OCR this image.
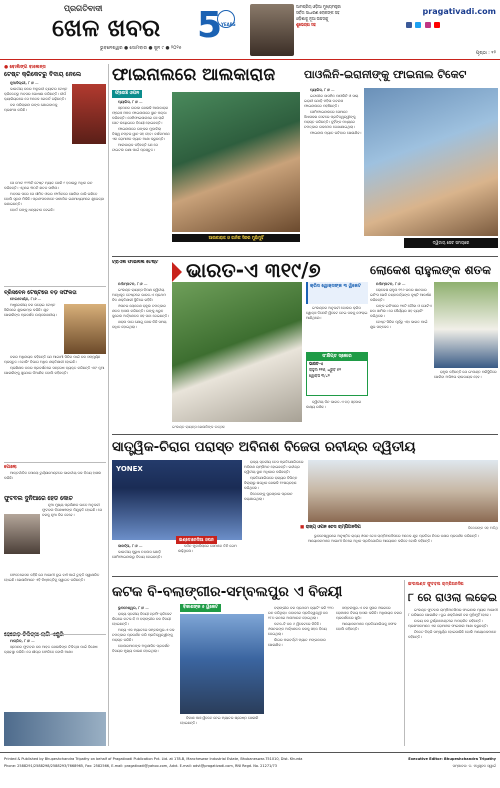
ପ୍ରଗତିବାଦୀ
ଖେଳ ଖବର
ଭୁବନେଶ୍ୱର ● ସୋମବାର ● ଜୁନ ୯ ● ୨୦୨୫
5
YEARS
ଆମପ୍ରିୟ ଓଡ଼ିଆ ମୁଖ୍ୟମନ୍ତ୍ରୀ
ସର୍ବଦା ସାଧାରଣ ଲୋକଙ୍କ ସହ
ଓଡ଼ିଶାକୁ ନୂଆ ଉଚ୍ଚତାକୁ
ଶୁଭେଚ୍ଛା ସହ
pragativadi.com

ପୃଷ୍ଠା : ୧୨
● ବୋଲିଙ୍ଗ ବାଲେନ୍ସ
ଟେଷ୍ଟ କ୍ରିକେଟରୁ ବିଦାୟ ନେଲେ

ନୂଆଦିଲ୍ଲୀ, ୮।୬ —

ଭାରତୀୟ ଦଳର ଅନୁଭବୀ ବ୍ୟାଟର ଟେଷ୍ଟ କ୍ରିକେଟରୁ ଅବସର ଘୋଷଣା କରିଛନ୍ତି। ଦୀର୍ଘ କ୍ୟାରିୟରରେ ସେ ଅନେକ ରେକର୍ଡ ଗଢ଼ିଛନ୍ତି।

ଦଳ ପରିଚାଳନା ତାଙ୍କ ଯୋଗଦାନକୁ ପ୍ରଶଂସା କରିଛି।

ସେ ମୋଟ ୧୨୩ଟି ଟେଷ୍ଟ ମ୍ୟାଚ ଖେଳି ୯ ହଜାରରୁ ଅଧିକ ରନ କରିଛନ୍ତି। ଏଥିରେ ୩୦ଟି ଶତକ ସାମିଲ।

ଅବସର ପରେ ସେ ସୀମିତ ଓଭର ଫର୍ମାଟରେ ଖେଳିବା ଜାରି ରଖିବେ ବୋଲି ସୂଚନା ମିଳିଛି। ପ୍ରଶଂସକମାନେ ସାମାଜିକ ଗଣମାଧ୍ୟମରେ ଶୁଭେଚ୍ଛା ଜଣାଇଛନ୍ତି।

ବୋର୍ଡ ତାଙ୍କୁ ଧନ୍ୟବାଦ ଦେଇଛି।

ବ୍ରିସବେନ ଟେଷ୍ଟରେ ବଡ଼ ସଫଳତା

ମେଲବୋର୍ଣ୍ଣ, ୮।୬ —

ଅଷ୍ଟ୍ରେଲୀୟ ଦଳ ଘରୋଇ ଟେଷ୍ଟ ସିରିଜରେ ଶୁଭାରମ୍ଭ କରିଛି। ଯୁବ ଖେଳାଳିଙ୍କ ପ୍ରଦର୍ଶନ ଉଲ୍ଲେଖନୀୟ।

ଦଳର ଅଧିନାୟକ କହିଛନ୍ତି ଯେ ଆଗାମୀ ସିରିଜ ପାଇଁ ଦଳ ସମ୍ପୂର୍ଣ୍ଣ ପ୍ରସ୍ତୁତ। ବୋଲିଂ ବିଭାଗ ଅଧିକ ଶକ୍ତିଶାଳୀ ହୋଇଛି।

ପ୍ରଶିକ୍ଷକ ଦଳର ପ୍ରଦର୍ଶନରେ ସନ୍ତୋଷ ବ୍ୟକ୍ତ କରିଛନ୍ତି ଏବଂ ନୂଆ ଖେଳାଳିଙ୍କୁ ସୁଯୋଗ ଦିଆଯିବ ବୋଲି କହିଛନ୍ତି।

ପୋଲୋ

ଆନ୍ତର୍ଜାତିକ ପୋଲୋ ଟୁର୍ଣ୍ଣାମେଣ୍ଟରେ ଭାରତୀୟ ଦଳ ବିଜୟ ହାସଲ କରିଛି।

ଫୁଟବଲ ଦୁନିଆରେ ହେଡ କୋଚ

ନୂଆ ମୁଖ୍ୟ ପ୍ରଶିକ୍ଷକ ଭାବେ ଅନୁଭବୀ ଫୁଟବଲ ବିଶେଷଜ୍ଞଙ୍କ ନିଯୁକ୍ତି ହୋଇଛି। ସେ ଦଳକୁ ନୂଆ ଦିଗ ଦେବେ।

ଫେଡେରେସନ କହିଛି ଯେ ଆଗାମୀ ଦୁଇ ବର୍ଷ ପାଇଁ ଚୁକ୍ତି ସ୍ୱାକ୍ଷରିତ ହୋଇଛି। ଖେଳାଳିମାନେ ଏହି ନିଷ୍ପତ୍ତିକୁ ସ୍ୱାଗତ କରିଛନ୍ତି।

ହେରେଡ଼ ଚିକିତ୍ସା ଲାଗି ଏଣ୍ଟ୍ରି

ମାଡ୍ରିଡ, ୮।୬ —

ସ୍ପେନର ଫୁଟବଲ ଦଳ ଆହତ ଖେଳାଳିଙ୍କ ଚିକିତ୍ସା ପାଇଁ ବିଶେଷ ବ୍ୟବସ୍ଥା କରିଛି। ସେ ଶୀଘ୍ର ଫେରିବେ ବୋଲି ଆଶା।

ଫାଇନାଲରେ ଆଲକାରାଜ	ପାଓଲିନି-ଇରାନୀଙ୍କୁ ଫାଇନାଲ ଟିକେଟ
ଫ୍ରେଞ୍ଚ ଓପନ

ପ୍ୟାରିସ, ୮।୬ —

ସ୍ପେନର ତାରକା ଖେଳାଳି ଆଲକାରାଜ ଫ୍ରେଞ୍ଚ ଓପନ ଫାଇନାଲରେ ସ୍ଥାନ ପକ୍କା କରିଛନ୍ତି। ସେମିଫାଇନାଲରେ ସେ ଚାରି ସେଟ ଲଢ଼େଇରେ ବିଜୟୀ ହୋଇଛନ୍ତି।

ଫାଇନାଲରେ ତାଙ୍କର ମୁକାବିଲା ବିଶ୍ୱ ନମ୍ବର ୱାନ ସହ ହେବ। ଦର୍ଶକମାନେ ଏକ ରୋମାଞ୍ଚକ ମ୍ୟାଚ ଆଶା କରୁଛନ୍ତି।

ଆଲକାରାଜ କହିଛନ୍ତି ଯେ ସେ ଟାଇଟଲ ରକ୍ଷା ପାଇଁ ପ୍ରସ୍ତୁତ।

ଆଲକାରାଜ ଓ ଜାନିକ ସିନର ମୁହାଁମୁହିଁ

ପ୍ୟାରିସ, ୮।୬ —

ଇଟାଲୀର ଜାସମିନ ପାଓଲିନି ଓ ସାରା ଇରାନୀ ଯୋଡ଼ି ମହିଳା ଡବଲସ ଫାଇନାଲରେ ପହଞ୍ଚିଛନ୍ତି।

ସେମିଫାଇନାଲରେ ସେମାନେ ସିଧାସଳଖ ସେଟରେ ପ୍ରତିଦ୍ୱନ୍ଦ୍ୱୀଙ୍କୁ ପରାସ୍ତ କରିଛନ୍ତି। ଦୁହିଁଙ୍କ ମଧ୍ୟରେ ଚମତ୍କାର ତାଳମେଳ ଦେଖାଯାଇଥିଲା।

ଫାଇନାଲ ମ୍ୟାଚ ରବିବାର ଖେଳାଯିବ।

ଦ୍ୱିତୀୟ ସେଟ ସମୟରେ
ଟ୍ରାଏଲ ଫାଇନାଲ ଟେଷ୍ଟ	ଭାରତ-ଏ ୩୧୯/୭	ଲୋକେଶ ରାହୁଲଙ୍କ ଶତକ

ନର୍ଥାମ୍ପଟନ, ୮।୬ —

ଇଂଲଣ୍ଡ ଲାୟନ୍ସ ବିପକ୍ଷ ଦ୍ୱିତୀୟ ଅନଧିକୃତ ଟେଷ୍ଟରେ ଭାରତ-ଏ ପ୍ରଥମ ଦିନ ଶକ୍ତିଶାଳୀ ସ୍ଥିତିରେ ରହିଛି।

ଓପନର ଲୋକେଶ ରାହୁଲ ଚମତ୍କାର ଶତକ ହାସଲ କରିଛନ୍ତି। ତାଙ୍କୁ ଧ୍ରୁବ ଜୁରେଲ ଅର୍ଦ୍ଧଶତକ ସହ ସାଥ ଦେଇଛନ୍ତି।

ଖରାପ ପାଗ ଯୋଗୁ ଖେଳ କିଛି ସମୟ ବାଧିତ ହୋଇଥିଲା।

ଇଂଲଣ୍ଡ ଲାୟନ୍ସ ଖେଳାଳିଙ୍କ ଉତ୍ସବ
କ୍ରିସ ୱୋକ୍ସଙ୍କ ୩ ୱିକେଟ

ଇଂଲଣ୍ଡର ଅନୁଭବୀ ବୋଲର କ୍ରିସ ୱୋକ୍ସ ତିନୋଟି ୱିକେଟ ନେଇ ଦଳକୁ ଫେରାଇ ଆଣିଥିଲେ।

ସଂକ୍ଷିପ୍ତ ସ୍କୋର
ଭାରତ-ଏ
ରାହୁଲ ୧୧୬, ଧ୍ରୁବ ୫୨
ୱୋକ୍ସ ୩/୪୨

ଦ୍ୱିତୀୟ ଦିନ ଭାରତ-ଏ ବଡ଼ ସ୍କୋର ଲକ୍ଷ୍ୟ ରଖିବ।

ନର୍ଥାମ୍ପଟନ, ୮।୬ —

ଲୋକେଶ ରାହୁଲ ୧୧୬ ରନର ଶାନଦାର ଇନିଂସ ଖେଳି ଚୟନକର୍ତ୍ତାଙ୍କ ଦୃଷ୍ଟି ଆକର୍ଷଣ କରିଛନ୍ତି।

ତାଙ୍କ ଇନିଂସରେ ୧୫ଟି ଚୌକା ଓ ଗୋଟିଏ ଛକା ସାମିଲ। ସେ ଧୈର୍ଯ୍ୟର ସହ ବ୍ୟାଟିଂ କରିଥିଲେ।

ଟେଷ୍ଟ ସିରିଜ ପୂର୍ବରୁ ଏହା ଭାରତ ପାଇଁ ଶୁଭ ସଙ୍କେତ।

ରାହୁଲ କହିଛନ୍ତି ଯେ ଇଂଲଣ୍ଡ ପରିସ୍ଥିତିରେ ଖେଳିବା ଅଭିଜ୍ଞତା ଲାଭଦାୟକ ହେବ।

ସାତ୍ତ୍ୱିକ-ଚିରାଗ ପରାସ୍ତ ଅବିନାଶ ବିଜେତା ରବୀନ୍ଦ୍ର ଦ୍ୱିତୀୟ
YONEX

ଜାକର୍ତ୍ତା, ୮।୬ —

ଭାରତୀୟ ପୁରୁଷ ଡବଲସ ଯୋଡ଼ି ସେମିଫାଇନାଲରୁ ବିଦାୟ ନେଇଛନ୍ତି।

କଠିନ ମୁକାବିଲାରେ ସେମାନେ ତିନି ଗେମ ଲଢ଼ିଥିଲେ।

ଇଣ୍ଡୋନେସିଆ ଓପନ

ରାଜ୍ୟ ସ୍ତରୀୟ ଚେସ ପ୍ରତିଯୋଗିତାରେ ଅବିନାଶ ଚାମ୍ପିଅନ ହୋଇଛନ୍ତି। ରବୀନ୍ଦ୍ର ଦ୍ୱିତୀୟ ସ୍ଥାନ ଅଧିକାର କରିଛନ୍ତି।

ପ୍ରତିଯୋଗିତାରେ ରାଜ୍ୟର ବିଭିନ୍ନ ଜିଲ୍ଲାରୁ ଶତାଧିକ ଖେଳାଳି ଅଂଶଗ୍ରହଣ କରିଥିଲେ।

ବିଜେତାଙ୍କୁ ପୁରସ୍କାର ପ୍ରଦାନ କରାଯାଇଥିଲା।

■ ରାଜ୍ୟ ଓପନ ଚେସ ଚାମ୍ପିଅନସିପ	ବିଜେତାଙ୍କ ସହ ଅତିଥି

ଭୁବନେଶ୍ୱରରେ ଅନୁଷ୍ଠିତ ରାଜ୍ୟ ଓପନ ଚେସ ଚାମ୍ପିଅନସିପରେ ଅନେକ ଯୁବ ପ୍ରତିଭା ନିଜର ଦକ୍ଷତା ପ୍ରଦର୍ଶନ କରିଛନ୍ତି। ଆୟୋଜକମାନେ ଆଗାମୀ ଦିନରେ ଅଧିକ ପ୍ରତିଯୋଗିତା ଆୟୋଜନ କରିବେ ବୋଲି କହିଛନ୍ତି।

କଟକ ବି-ବଲାଙ୍ଗୀର-ସମ୍ବଲପୁର ଏ ବିଜୟୀ

ଭୁବନେଶ୍ୱର, ୮।୬ —

ରାଜ୍ୟ ସ୍ତରୀୟ ବିଜୟୀ ଟ୍ରଫି କ୍ରିକେଟ ଲିଗରେ କଟକ-ବି ଓ ବଲାଙ୍ଗୀର ଦଳ ବିଜୟୀ ହୋଇଛନ୍ତି।

ଅନ୍ୟ ଏକ ମ୍ୟାଚରେ ସମ୍ବଲପୁର-ଏ ଦଳ ଚମତ୍କାର ପ୍ରଦର୍ଶନ କରି ପ୍ରତିଦ୍ୱନ୍ଦ୍ୱୀଙ୍କୁ ପରାସ୍ତ କରିଛି।

ବୋଲରମାନଙ୍କ ଅନୁଶାସିତ ପ୍ରଦର୍ଶନ ବିଜୟର ମୁଖ୍ୟ କାରଣ ହୋଇଥିଲା।

ବିକାଶଙ୍କ ୫ ୱିକେଟ

ବିକାଶ ପାଞ୍ଚ ୱିକେଟ ନେଇ ମ୍ୟାଚର ଶ୍ରେଷ୍ଠ ଖେଳାଳି ହୋଇଛନ୍ତି।

ବଲାଙ୍ଗୀର ଦଳ ପ୍ରଥମେ ବ୍ୟାଟିଂ କରି ୨୧୦ ରନ କରିଥିଲା। ଜବାବରେ ପ୍ରତିଦ୍ୱନ୍ଦ୍ୱୀ ଦଳ ୧୮୦ ରନରେ ଅଲଆଉଟ ହୋଇଥିଲା।

କଟକ-ବି ଦଳ ୬ ୱିକେଟରେ ଜିତିଛି। ଓପନରଙ୍କ ଅର୍ଦ୍ଧଶତକ ଦଳକୁ ସହଜ ବିଜୟ ଦେଇଥିଲା।

ଲିଗର ପରବର୍ତ୍ତୀ ମ୍ୟାଚ ମଙ୍ଗଳବାର ଖେଳାଯିବ।

ସମ୍ବଲପୁର-ଏ ଦଳ ସୁପର ଓଭରରେ ରୋମାଞ୍ଚକ ବିଜୟ ହାସଲ କରିଛି। ଅଧିନାୟକ ଦଳର ପ୍ରଦର୍ଶନରେ ଖୁସି।

ଆୟୋଜକମାନେ ପ୍ରତିଯୋଗିତାକୁ ସଫଳ ବୋଲି କହିଛନ୍ତି।

ଇଂଗଲଣ୍ଡ ଫୁଟବଲ ଚାମ୍ପିଅନସିପ
୮ ରେ ରାଓଲା ଲଢେଇ

ଇଂଲଣ୍ଡ ଫୁଟବଲ ଚାମ୍ପିଅନସିପର ଫାଇନାଲ ମ୍ୟାଚ ଆଗାମୀ ୮ ତାରିଖରେ ଖେଳାଯିବ। ଦୁଇ ଶକ୍ତିଶାଳୀ ଦଳ ମୁହାଁମୁହିଁ ହେବେ।

ଉଭୟ ଦଳ ଟୁର୍ଣ୍ଣାମେଣ୍ଟରେ ଅପରାଜିତ ରହିଛନ୍ତି। ପ୍ରଶଂସକମାନେ ଏକ ରୋମାଞ୍ଚକ ଫାଇନାଲ ଆଶା କରୁଛନ୍ତି।

ଟିକେଟ ବିକ୍ରି ସମ୍ପୂର୍ଣ୍ଣ ହୋଇସାରିଛି ବୋଲି ଆୟୋଜକମାନେ କହିଛନ୍ତି।

Printed & Published by Bhupeshchandra Tripathy on behalf of Pragativadi Publication Pvt. Ltd. at 178-B, Mancheswar Industrial Estate, Bhubaneswar-751010, Dist. Khurda
Phone: 2588291/2588298/2588293/7668965, Fax: 2582566, E-mail: pragativadi@yahoo.com, Advt. E-mail: advt@pragativadi.com, RNI Regd. No. 21271/73
Executive Editor: Bhupeshchandra Tripathy
ସମ୍ପାଦକ: ଡ. ମଧୁସୂଦନ ସ୍ୱାଇଁ
